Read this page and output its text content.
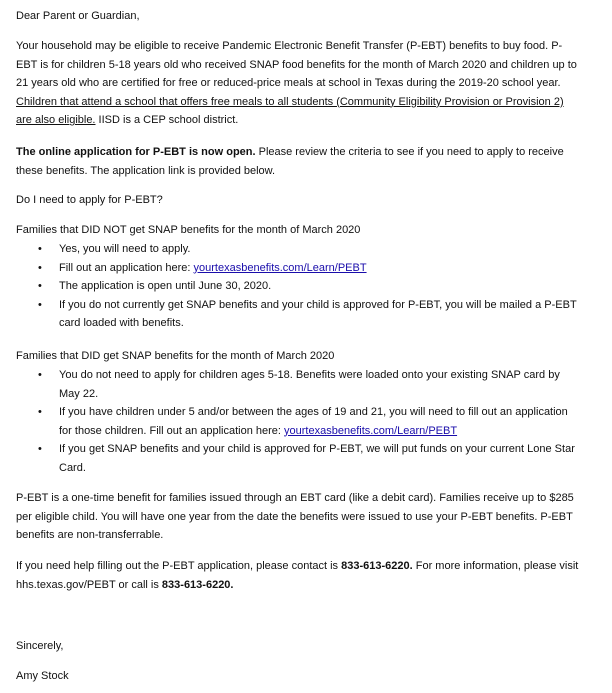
Dear Parent or Guardian,

Your household may be eligible to receive Pandemic Electronic Benefit Transfer (P-EBT) benefits to buy food. P-EBT is for children 5-18 years old who received SNAP food benefits for the month of March 2020 and children up to 21 years old who are certified for free or reduced-price meals at school in Texas during the 2019-20 school year. Children that attend a school that offers free meals to all students (Community Eligibility Provision or Provision 2) are also eligible. IISD is a CEP school district.

The online application for P-EBT is now open. Please review the criteria to see if you need to apply to receive these benefits. The application link is provided below.

Do I need to apply for P-EBT?

Families that DID NOT get SNAP benefits for the month of March 2020

• Yes, you will need to apply.
• Fill out an application here: yourtexasbenefits.com/Learn/PEBT
• The application is open until June 30, 2020.
• If you do not currently get SNAP benefits and your child is approved for P-EBT, you will be mailed a P-EBT card loaded with benefits.

Families that DID get SNAP benefits for the month of March 2020

• You do not need to apply for children ages 5-18. Benefits were loaded onto your existing SNAP card by May 22.
• If you have children under 5 and/or between the ages of 19 and 21, you will need to fill out an application for those children. Fill out an application here: yourtexasbenefits.com/Learn/PEBT
• If you get SNAP benefits and your child is approved for P-EBT, we will put funds on your current Lone Star Card.

P-EBT is a one-time benefit for families issued through an EBT card (like a debit card). Families receive up to $285 per eligible child. You will have one year from the date the benefits were issued to use your P-EBT benefits. P-EBT benefits are non-transferrable.

If you need help filling out the P-EBT application, please contact is 833-613-6220. For more information, please visit hhs.texas.gov/PEBT or call is 833-613-6220.

Sincerely,

Amy Stock
